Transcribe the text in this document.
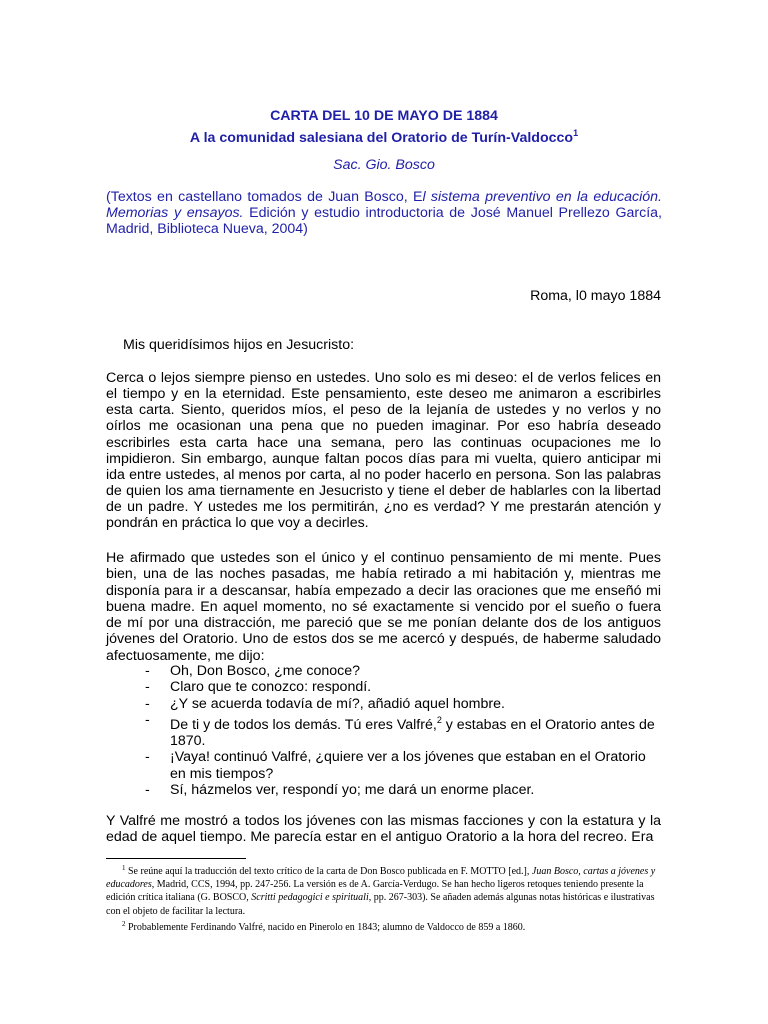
CARTA DEL 10 DE MAYO DE 1884
A la comunidad salesiana del Oratorio de Turín-Valdocco$^1$
Sac. Gio. Bosco
(Textos en castellano tomados de Juan Bosco, El sistema preventivo en la educación. Memorias y ensayos. Edición y estudio introductoria de José Manuel Prellezo García, Madrid, Biblioteca Nueva, 2004)
Roma, l0 mayo 1884
Mis queridísimos hijos en Jesucristo:
Cerca o lejos siempre pienso en ustedes. Uno solo es mi deseo: el de verlos felices en el tiempo y en la eternidad. Este pensamiento, este deseo me animaron a escribirles esta carta. Siento, queridos míos, el peso de la lejanía de ustedes y no verlos y no oírlos me ocasionan una pena que no pueden imaginar. Por eso habría deseado escribirles esta carta hace una semana, pero las continuas ocupaciones me lo impidieron. Sin embargo, aunque faltan pocos días para mi vuelta, quiero anticipar mi ida entre ustedes, al menos por carta, al no poder hacerlo en persona. Son las palabras de quien los ama tiernamente en Jesucristo y tiene el deber de hablarles con la libertad de un padre. Y ustedes me los permitirán, ¿no es verdad? Y me prestarán atención y pondrán en práctica lo que voy a decirles.
He afirmado que ustedes son el único y el continuo pensamiento de mi mente. Pues bien, una de las noches pasadas, me había retirado a mi habitación y, mientras me disponía para ir a descansar, había empezado a decir las oraciones que me enseñó mi buena madre. En aquel momento, no sé exactamente si vencido por el sueño o fuera de mí por una distracción, me pareció que se me ponían delante dos de los antiguos jóvenes del Oratorio. Uno de estos dos se me acercó y después, de haberme saludado afectuosamente, me dijo:
- Oh, Don Bosco, ¿me conoce?
- Claro que te conozco: respondí.
- ¿Y se acuerda todavía de mí?, añadió aquel hombre.
- De ti y de todos los demás. Tú eres Valfré,$^2$ y estabas en el Oratorio antes de 1870.
- ¡Vaya! continuó Valfré, ¿quiere ver a los jóvenes que estaban en el Oratorio en mis tiempos?
- Sí, házmelos ver, respondí yo; me dará un enorme placer.
Y Valfré me mostró a todos los jóvenes con las mismas facciones y con la estatura y la edad de aquel tiempo. Me parecía estar en el antiguo Oratorio a la hora del recreo. Era

$^1$ Se reúne aquí la traducción del texto crítico de la carta de Don Bosco publicada en F. MOTTO [ed.], Juan Bosco, cartas a jóvenes y educadores, Madrid, CCS, 1994, pp. 247-256. La versión es de A. García-Verdugo. Se han hecho ligeros retoques teniendo presente la edición crítica italiana (G. BOSCO, Scritti pedagogici e spirituali, pp. 267-303). Se añaden además algunas notas históricas e ilustrativas con el objeto de facilitar la lectura.

$^2$ Probablemente Ferdinando Valfré, nacido en Pinerolo en 1843; alumno de Valdocco de 859 a 1860.
